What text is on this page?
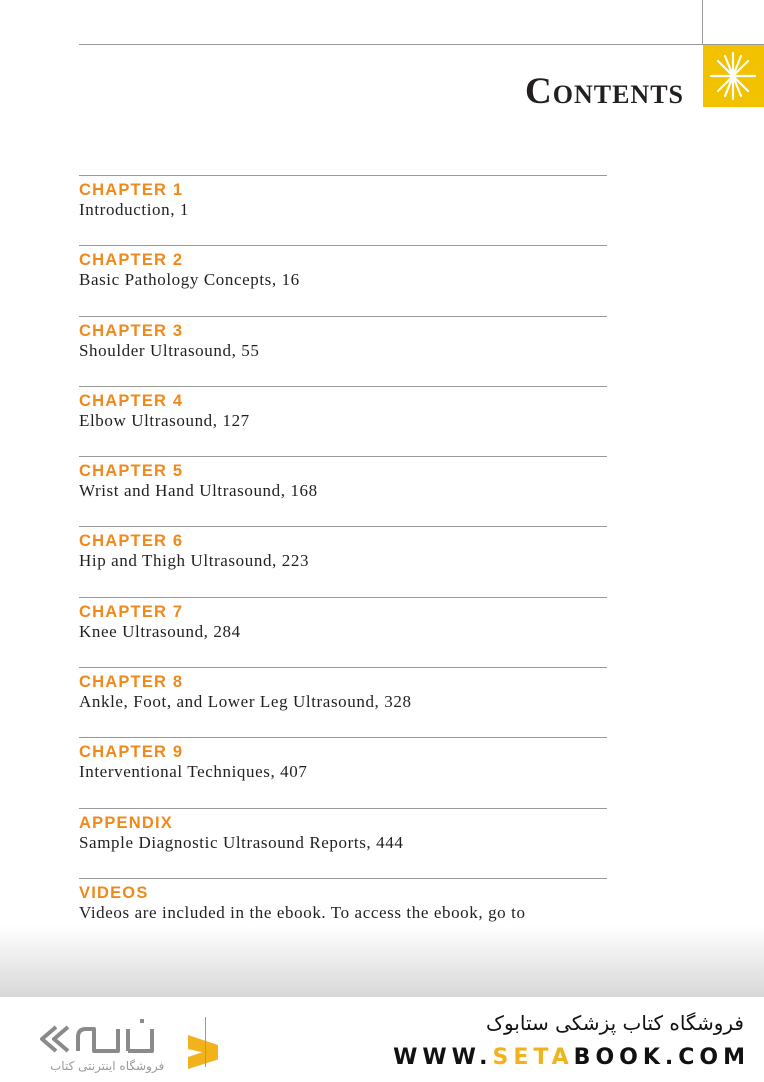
Contents
CHAPTER 1
Introduction, 1
CHAPTER 2
Basic Pathology Concepts, 16
CHAPTER 3
Shoulder Ultrasound, 55
CHAPTER 4
Elbow Ultrasound, 127
CHAPTER 5
Wrist and Hand Ultrasound, 168
CHAPTER 6
Hip and Thigh Ultrasound, 223
CHAPTER 7
Knee Ultrasound, 284
CHAPTER 8
Ankle, Foot, and Lower Leg Ultrasound, 328
CHAPTER 9
Interventional Techniques, 407
APPENDIX
Sample Diagnostic Ultrasound Reports, 444
VIDEOS
Videos are included in the ebook. To access the ebook, go to
فروشگاه اینترنتی کتاب

فروشگاه کتاب پزشکی ستابوک

WWW.SETABOOK.COM
